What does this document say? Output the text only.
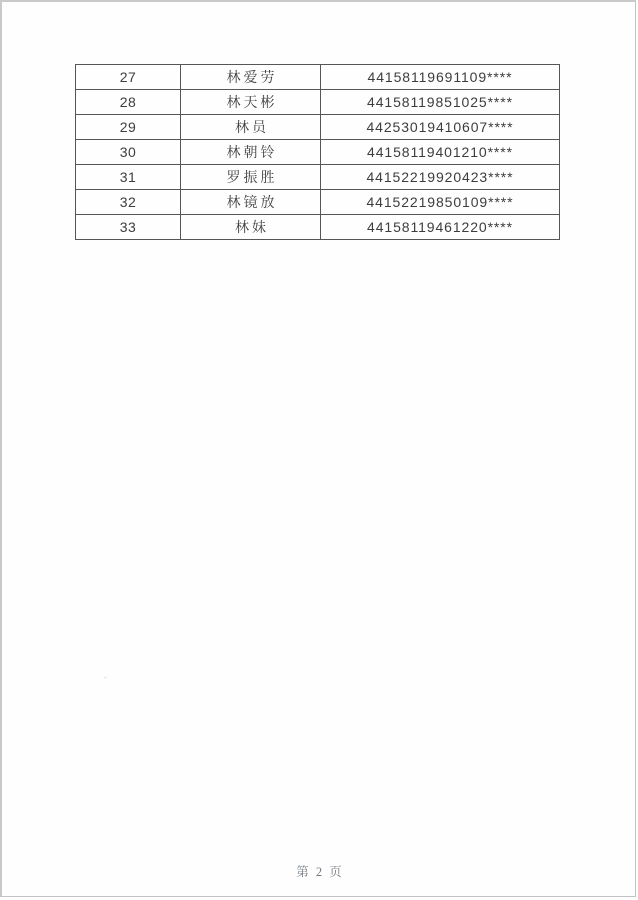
27	林爱劳	44158119691109****
28	林天彬	44158119851025****
29	林员	44253019410607****
30	林朝铃	44158119401210****
31	罗振胜	44152219920423****
32	林镜放	44152219850109****
33	林妹	44158119461220****
第 2 页
